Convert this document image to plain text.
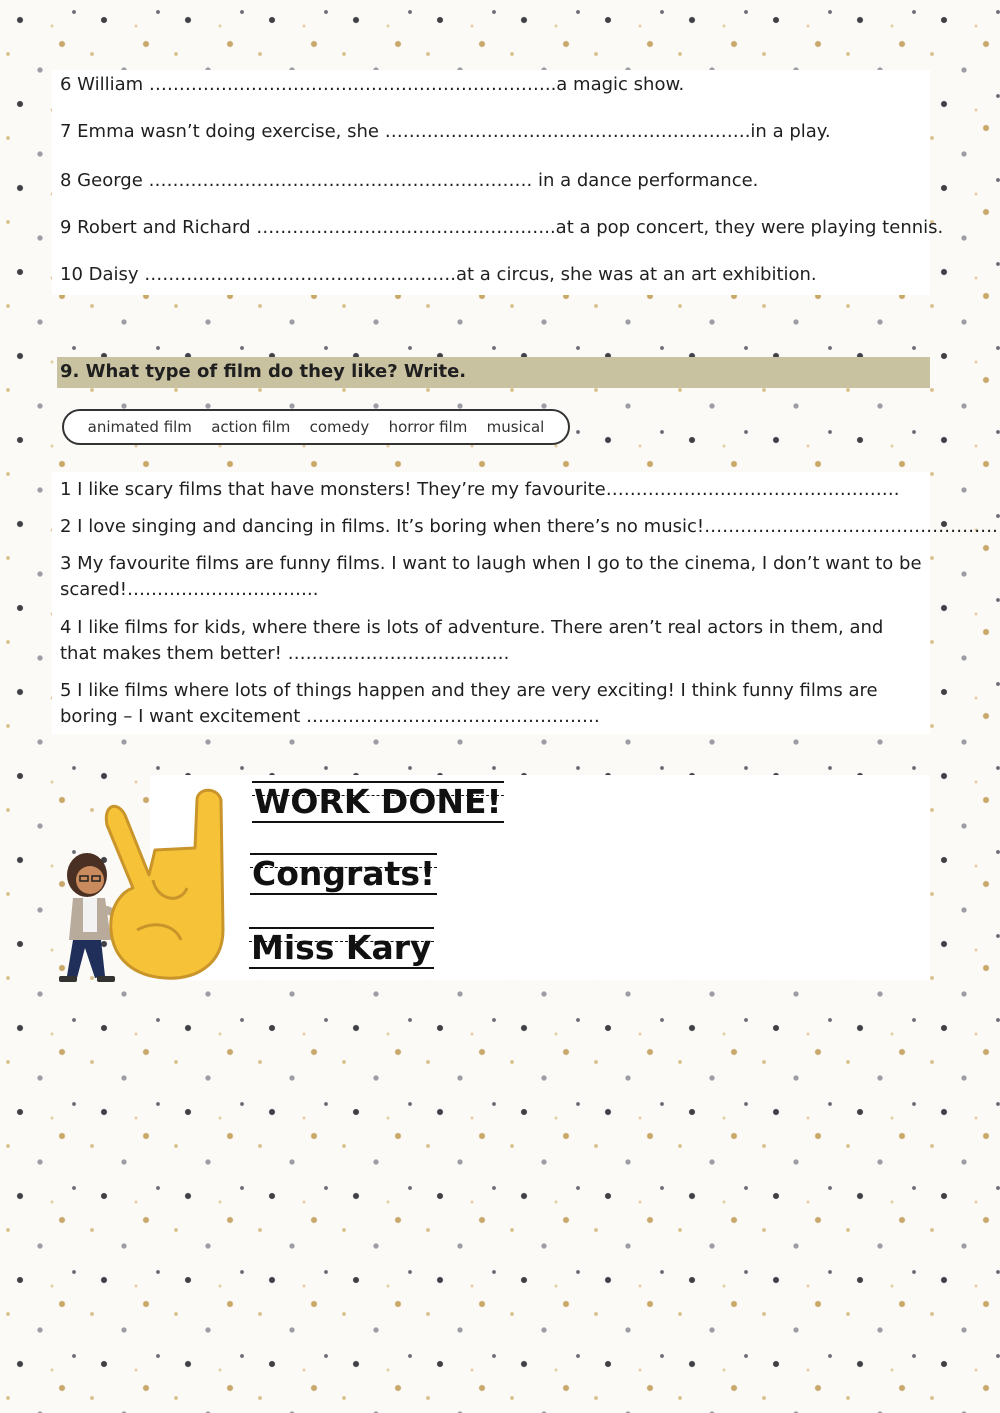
6 William …………………………………………………………..a magic show.
7 Emma wasn’t doing exercise, she …………………………………………………….in a play.
8 George ………………………………………………………. in a dance performance.
9 Robert and Richard …………………………………………..at a pop concert, they were playing tennis.
10 Daisy …………………………………………….at a circus, she was at an art exhibition.
9. What type of film do they like? Write.
animated film action film comedy horror film musical
1 I like scary films that have monsters! They’re my favourite………………………………………….
2 I love singing and dancing in films. It’s boring when there’s no music!………………………………………….
3 My favourite films are funny films. I want to laugh when I go to the cinema, I don’t want to be scared!…………………………..
4 I like films for kids, where there is lots of adventure. There aren’t real actors in them, and that makes them better! ……………………………….
5 I like films where lots of things happen and they are very exciting! I think funny films are boring – I want excitement ………………………………………….
WORK DONE!
Congrats!
Miss Kary
